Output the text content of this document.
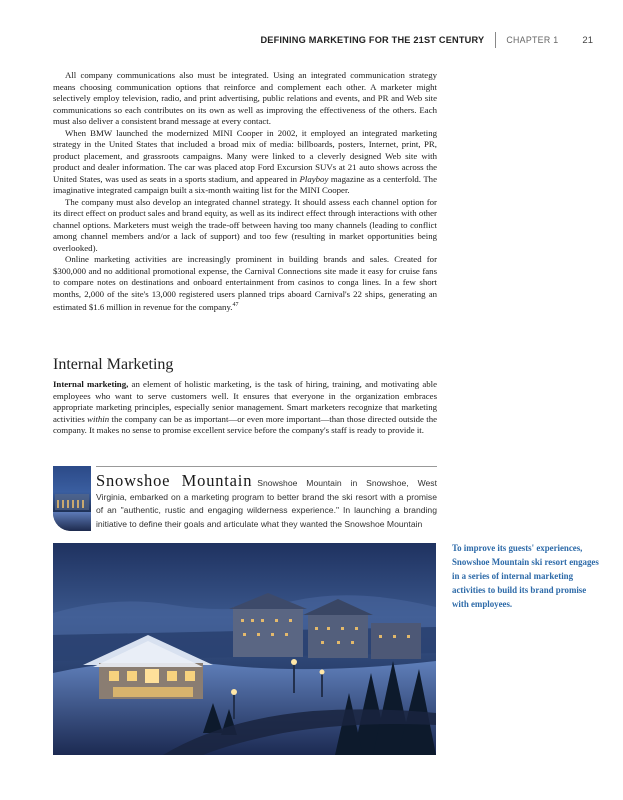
DEFINING MARKETING FOR THE 21ST CENTURY	CHAPTER 1	21

All company communications also must be integrated. Using an integrated communication strategy means choosing communication options that reinforce and complement each other. A marketer might selectively employ television, radio, and print advertising, public relations and events, and PR and Web site communications so each contributes on its own as well as improving the effectiveness of the others. Each must also deliver a consistent brand message at every contact.

When BMW launched the modernized MINI Cooper in 2002, it employed an integrated marketing strategy in the United States that included a broad mix of media: billboards, posters, Internet, print, PR, product placement, and grassroots campaigns. Many were linked to a cleverly designed Web site with product and dealer information. The car was placed atop Ford Excursion SUVs at 21 auto shows across the United States, was used as seats in a sports stadium, and appeared in Playboy magazine as a centerfold. The imaginative integrated campaign built a six-month waiting list for the MINI Cooper.

The company must also develop an integrated channel strategy. It should assess each channel option for its direct effect on product sales and brand equity, as well as its indirect effect through interactions with other channel options. Marketers must weigh the trade-off between having too many channels (leading to conflict among channel members and/or a lack of support) and too few (resulting in market opportunities being overlooked).

Online marketing activities are increasingly prominent in building brands and sales. Created for $300,000 and no additional promotional expense, the Carnival Connections site made it easy for cruise fans to compare notes on destinations and onboard entertainment from casinos to conga lines. In a few short months, 2,000 of the site's 13,000 registered users planned trips aboard Carnival's 22 ships, generating an estimated $1.6 million in revenue for the company.$^{47}$

Internal Marketing

Internal marketing, an element of holistic marketing, is the task of hiring, training, and motivating able employees who want to serve customers well. It ensures that everyone in the organization embraces appropriate marketing principles, especially senior management. Smart marketers recognize that marketing activities within the company can be as important—or even more important—than those directed outside the company. It makes no sense to promise excellent service before the company's staff is ready to provide it.

Snowshoe Mountain Snowshoe Mountain in Snowshoe, West Virginia, embarked on a marketing program to better brand the ski resort with a promise of an "authentic, rustic and engaging wilderness experience." In launching a branding initiative to define their goals and articulate what they wanted the Snowshoe Mountain

To improve its guests' experiences, Snowshoe Mountain ski resort engages in a series of internal marketing activities to build its brand promise with employees.
